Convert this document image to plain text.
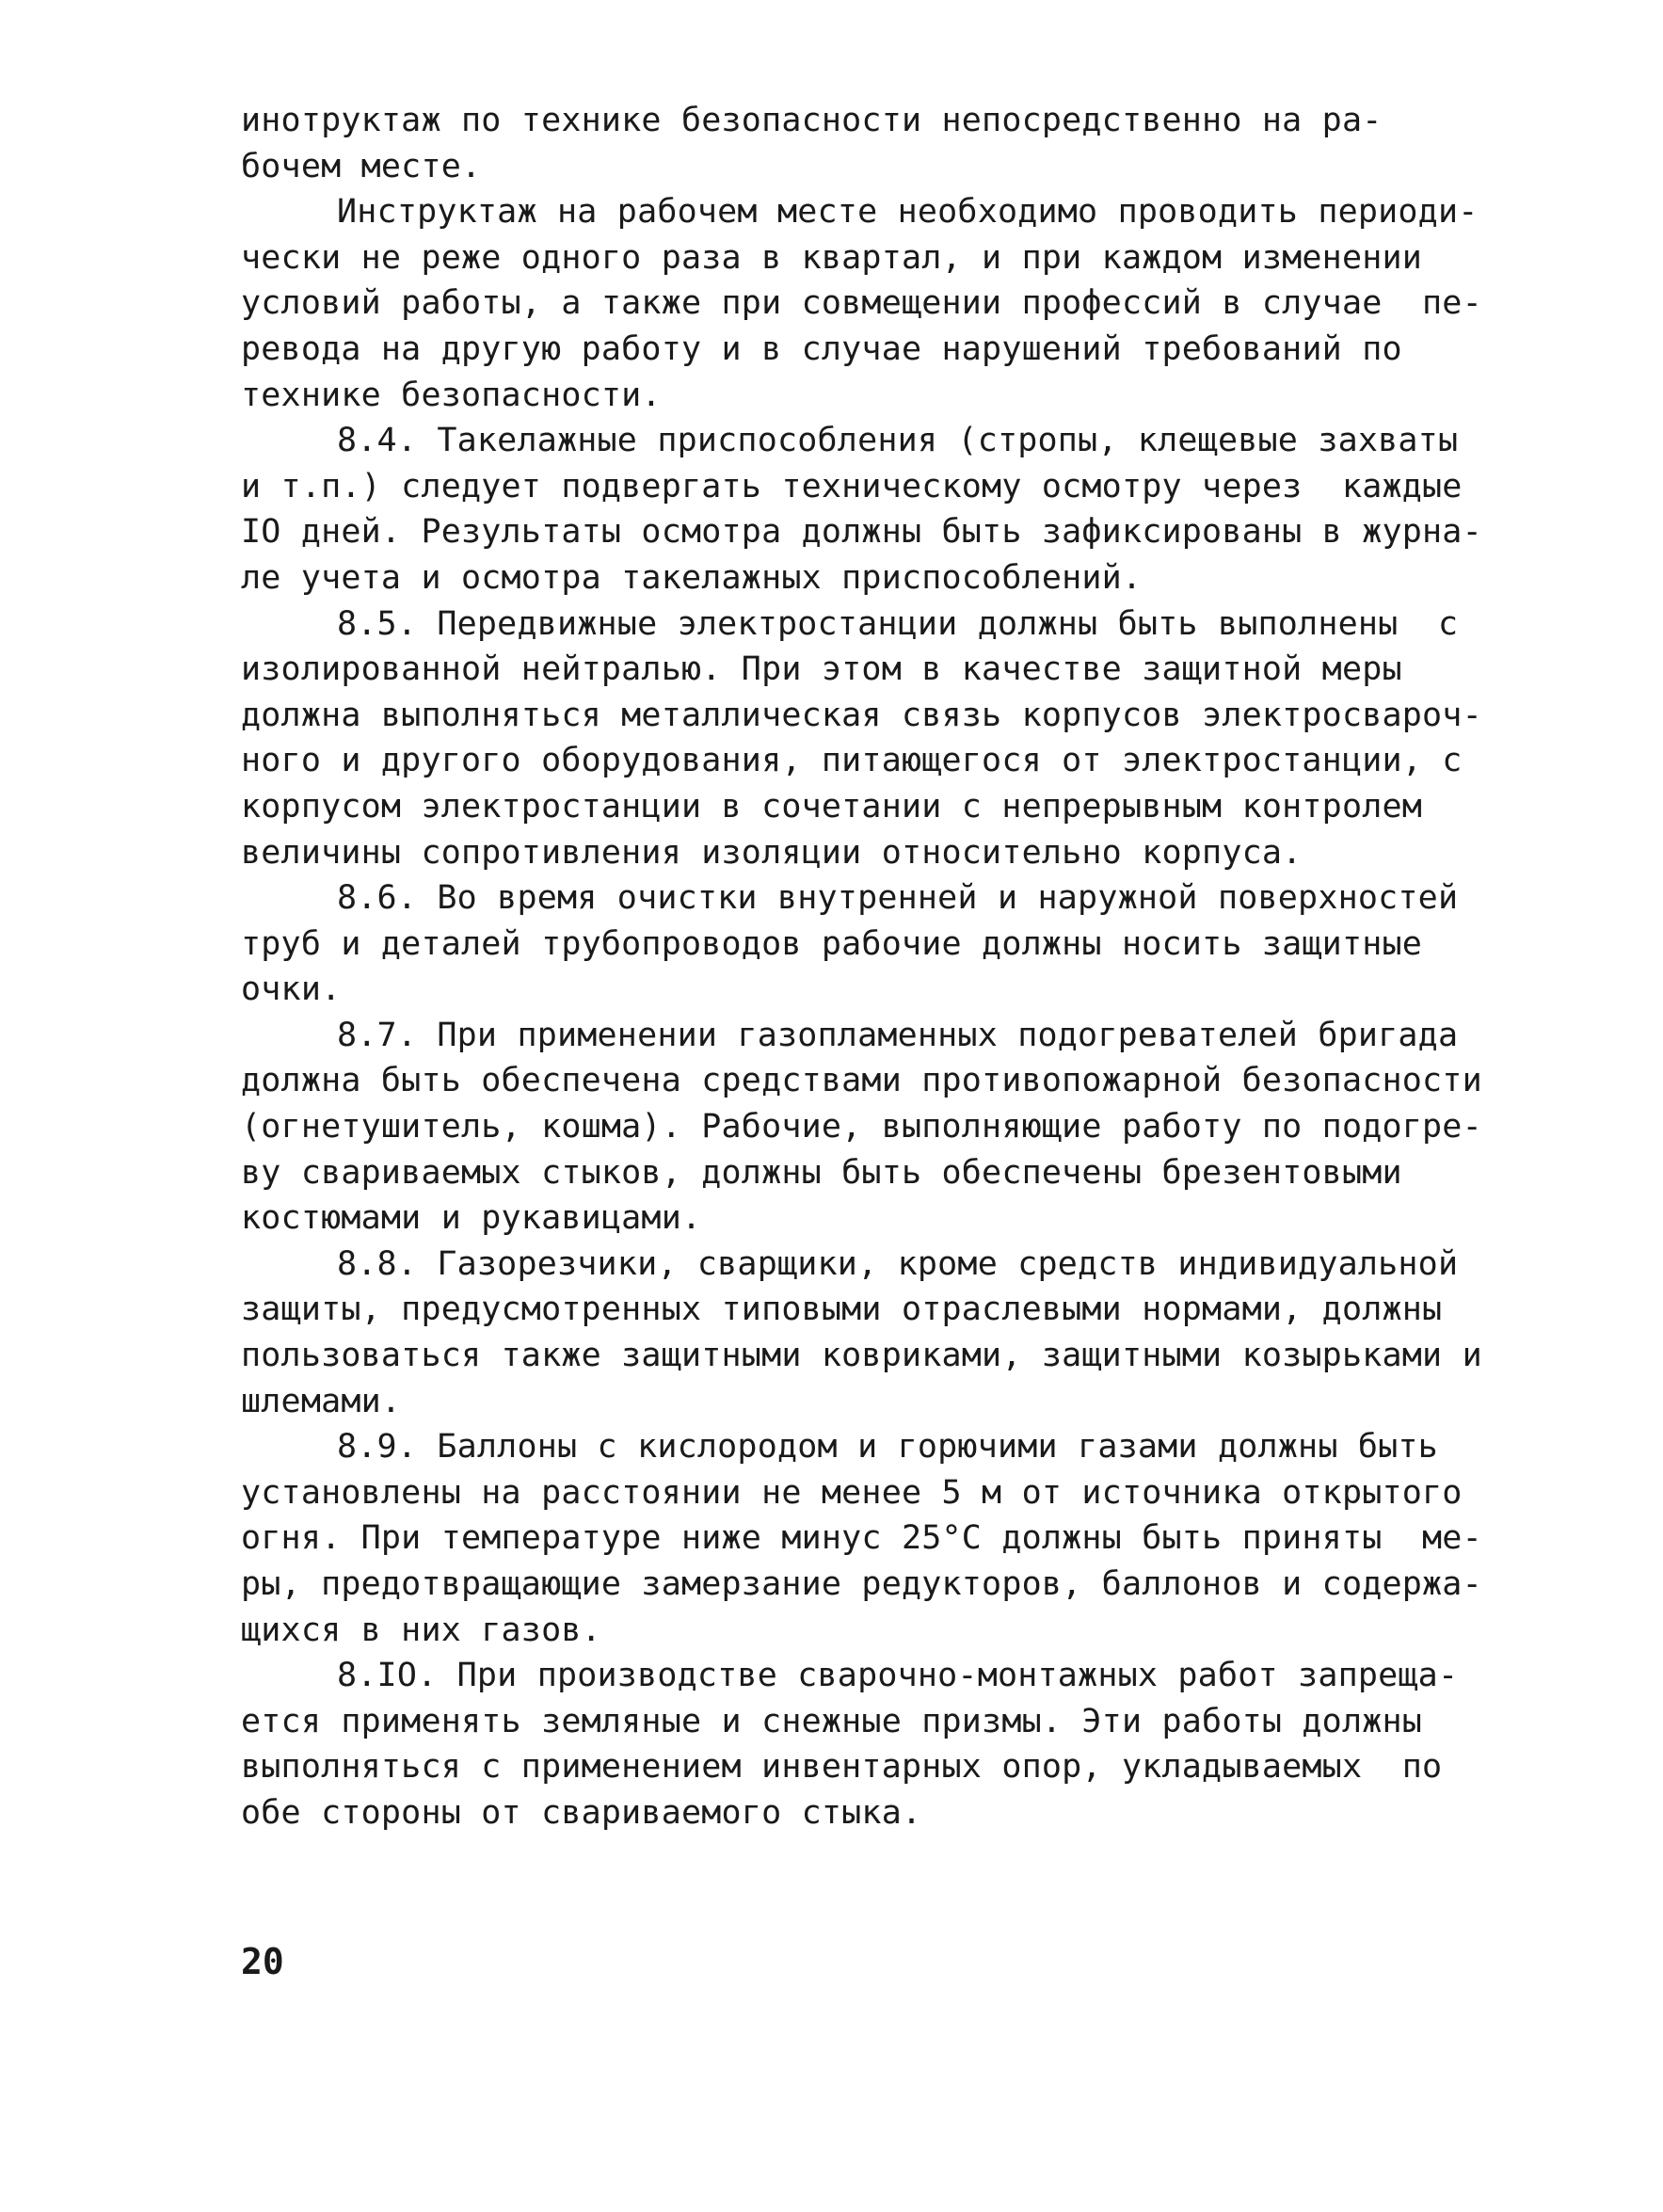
инотруктаж по технике безопасности непосредственно на ра-
бочем месте.
Инструктаж на рабочем месте необходимо проводить периоди-
чески не реже одного раза в квартал, и при каждом изменении
условий работы, а также при совмещении профессий в случае  пе-
ревода на другую работу и в случае нарушений требований по
технике безопасности.
8.4. Такелажные приспособления (стропы, клещевые захваты
и т.п.) следует подвергать техническому осмотру через  каждые
IO дней. Результаты осмотра должны быть зафиксированы в журна-
ле учета и осмотра такелажных приспособлений.
8.5. Передвижные электростанции должны быть выполнены  с
изолированной нейтралью. При этом в качестве защитной меры
должна выполняться металлическая связь корпусов электросвароч-
ного и другого оборудования, питающегося от электростанции, с
корпусом электростанции в сочетании с непрерывным контролем
величины сопротивления изоляции относительно корпуса.
8.6. Во время очистки внутренней и наружной поверхностей
труб и деталей трубопроводов рабочие должны носить защитные
очки.
8.7. При применении газопламенных подогревателей бригада
должна быть обеспечена средствами противопожарной безопасности
(огнетушитель, кошма). Рабочие, выполняющие работу по подогре-
ву свариваемых стыков, должны быть обеспечены брезентовыми
костюмами и рукавицами.
8.8. Газорезчики, сварщики, кроме средств индивидуальной
защиты, предусмотренных типовыми отраслевыми нормами, должны
пользоваться также защитными ковриками, защитными козырьками и
шлемами.
8.9. Баллоны с кислородом и горючими газами должны быть
установлены на расстоянии не менее 5 м от источника открытого
огня. При температуре ниже минус 25°С должны быть приняты  ме-
ры, предотвращающие замерзание редукторов, баллонов и содержа-
щихся в них газов.
8.IO. При производстве сварочно-монтажных работ запреща-
ется применять земляные и снежные призмы. Эти работы должны
выполняться с применением инвентарных опор, укладываемых  по
обе стороны от свариваемого стыка.
20
